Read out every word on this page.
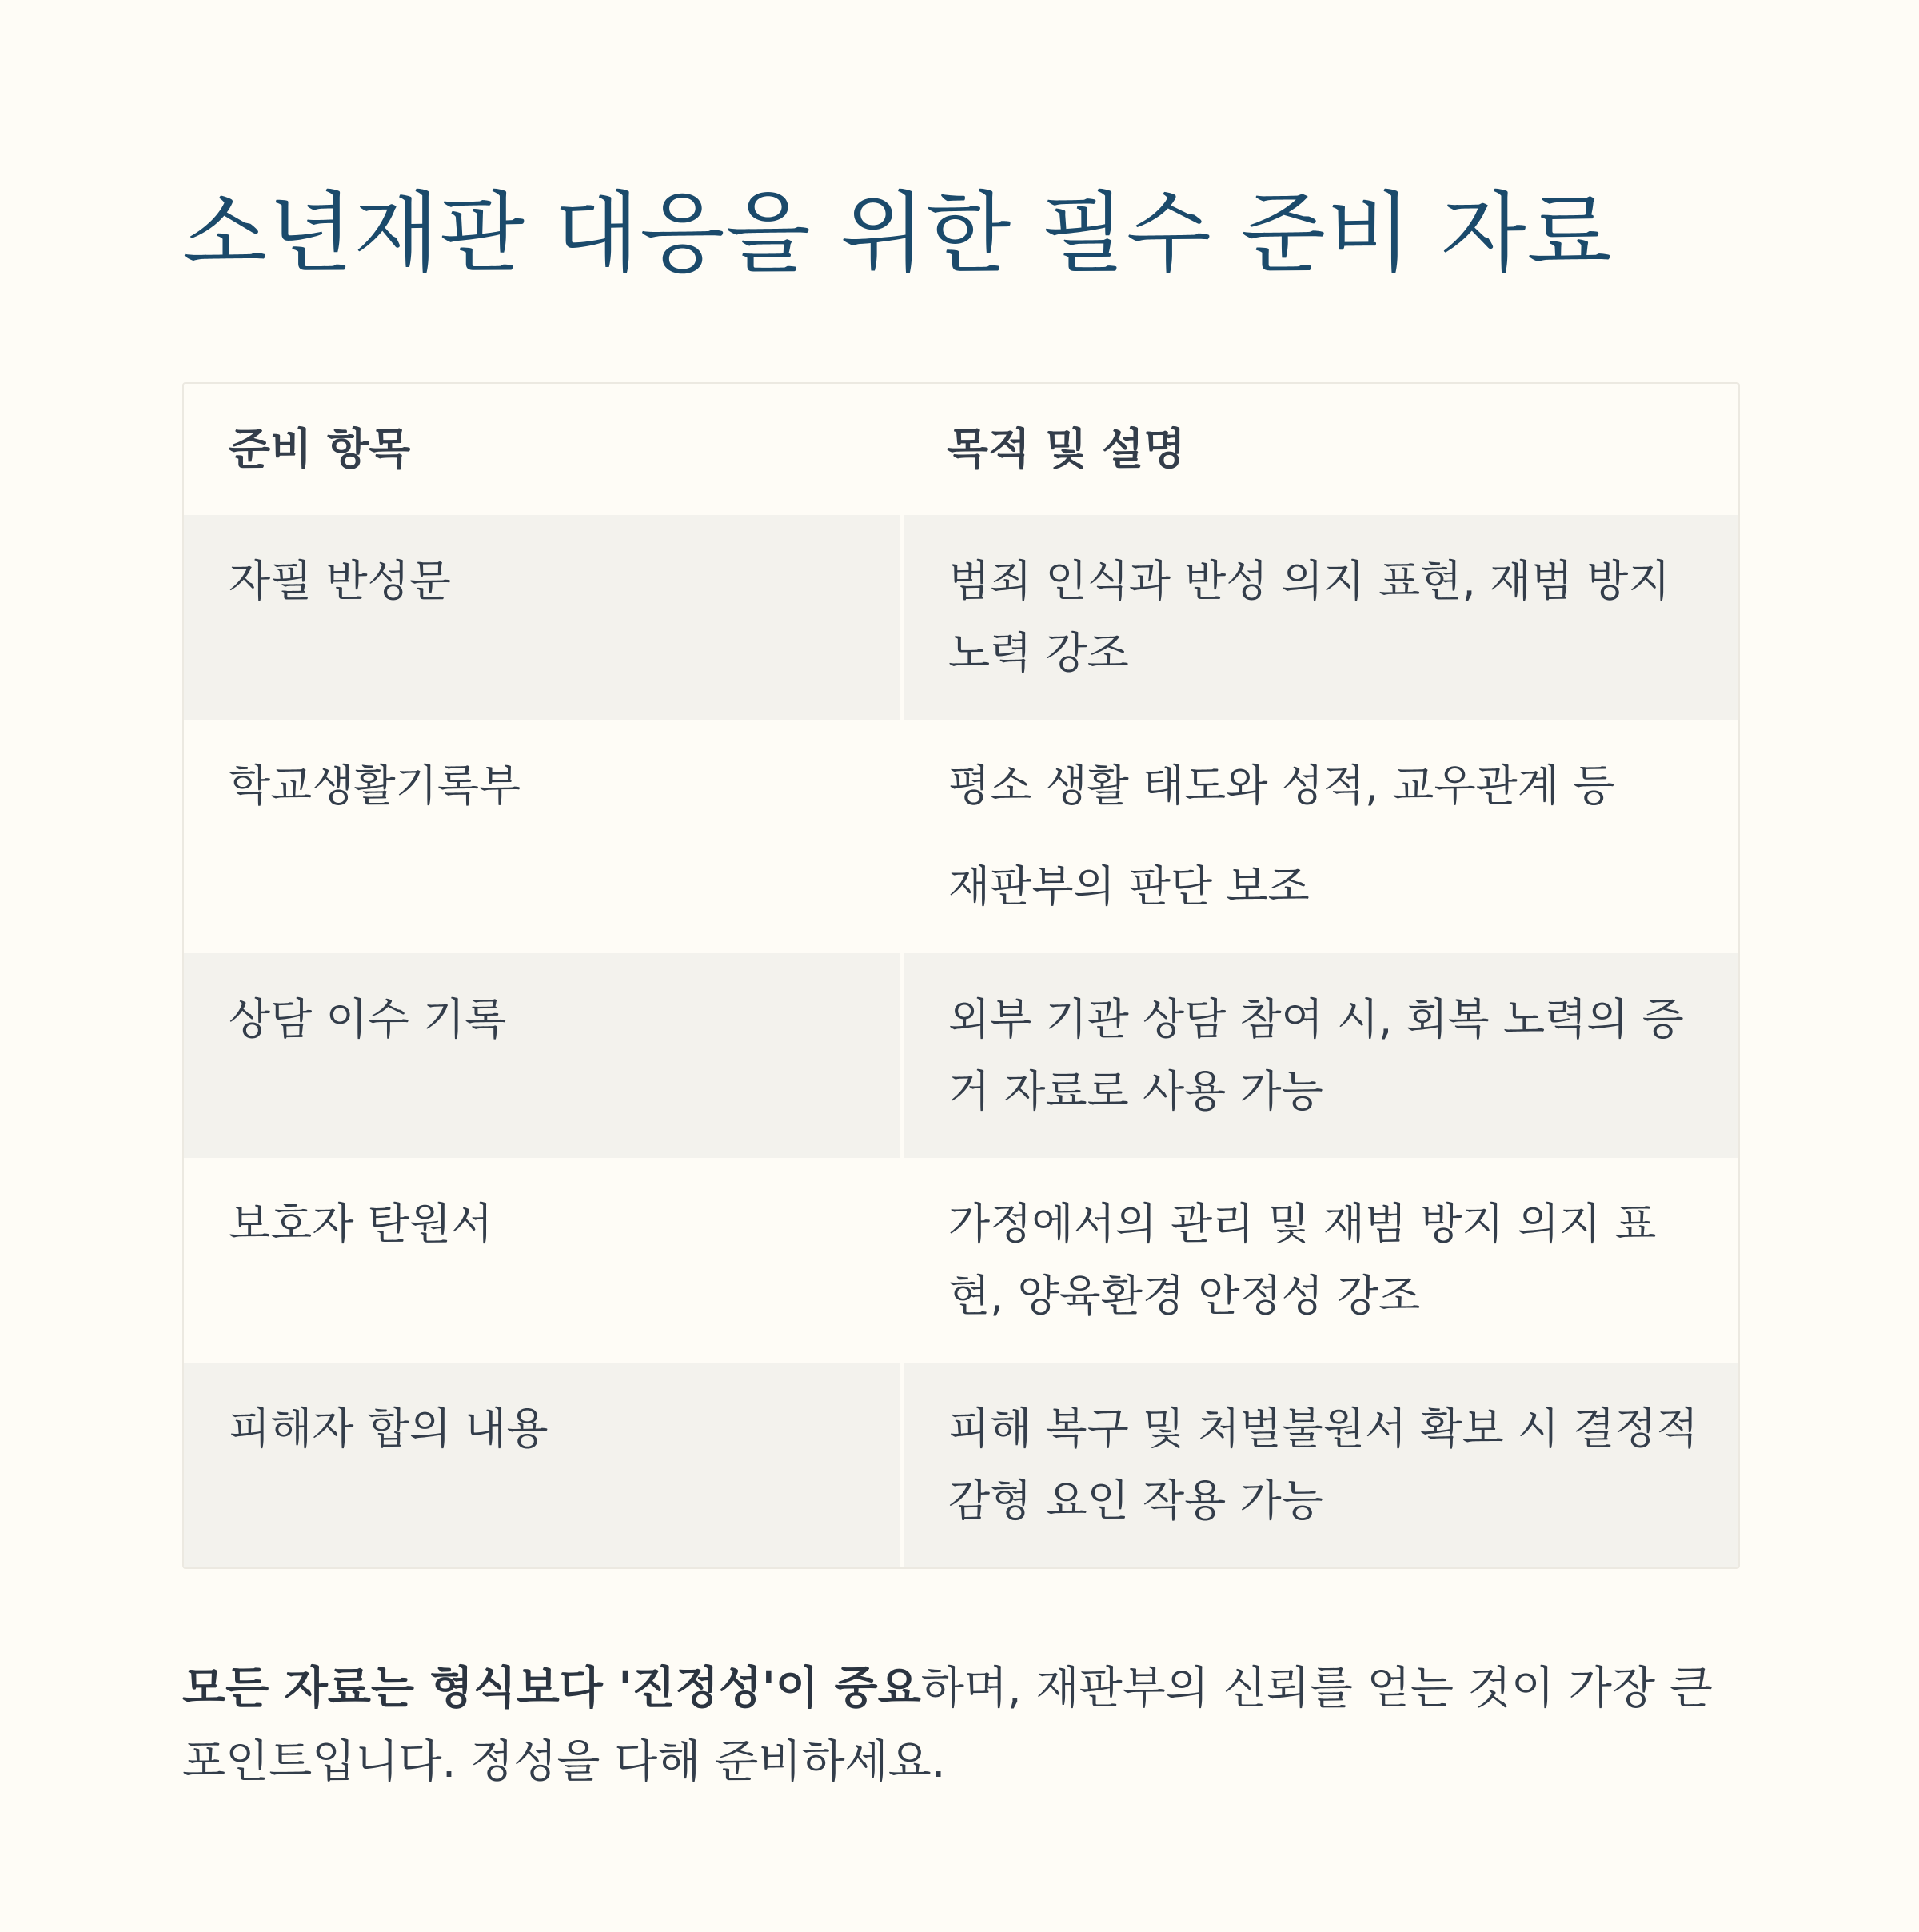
소년재판 대응을 위한 필수 준비 자료
준비 항목	목적 및 설명
자필 반성문	범죄 인식과 반성 의지 표현, 재범 방지 노력 강조

학교생활기록부	평소 생활 태도와 성적, 교우관계 등
재판부의 판단 보조

상담 이수 기록	외부 기관 상담 참여 시, 회복 노력의 증거 자료로 사용 가능

보호자 탄원서	가정에서의 관리 및 재범 방지 의지 표현, 양육환경 안정성 강조

피해자 합의 내용	피해 복구 및 처벌불원서 확보 시 결정적 감형 요인 작용 가능

모든 자료는 형식보다 '진정성'이 중요하며, 재판부의 신뢰를 얻는 것이 가장 큰 포인트입니다. 정성을 다해 준비하세요.
